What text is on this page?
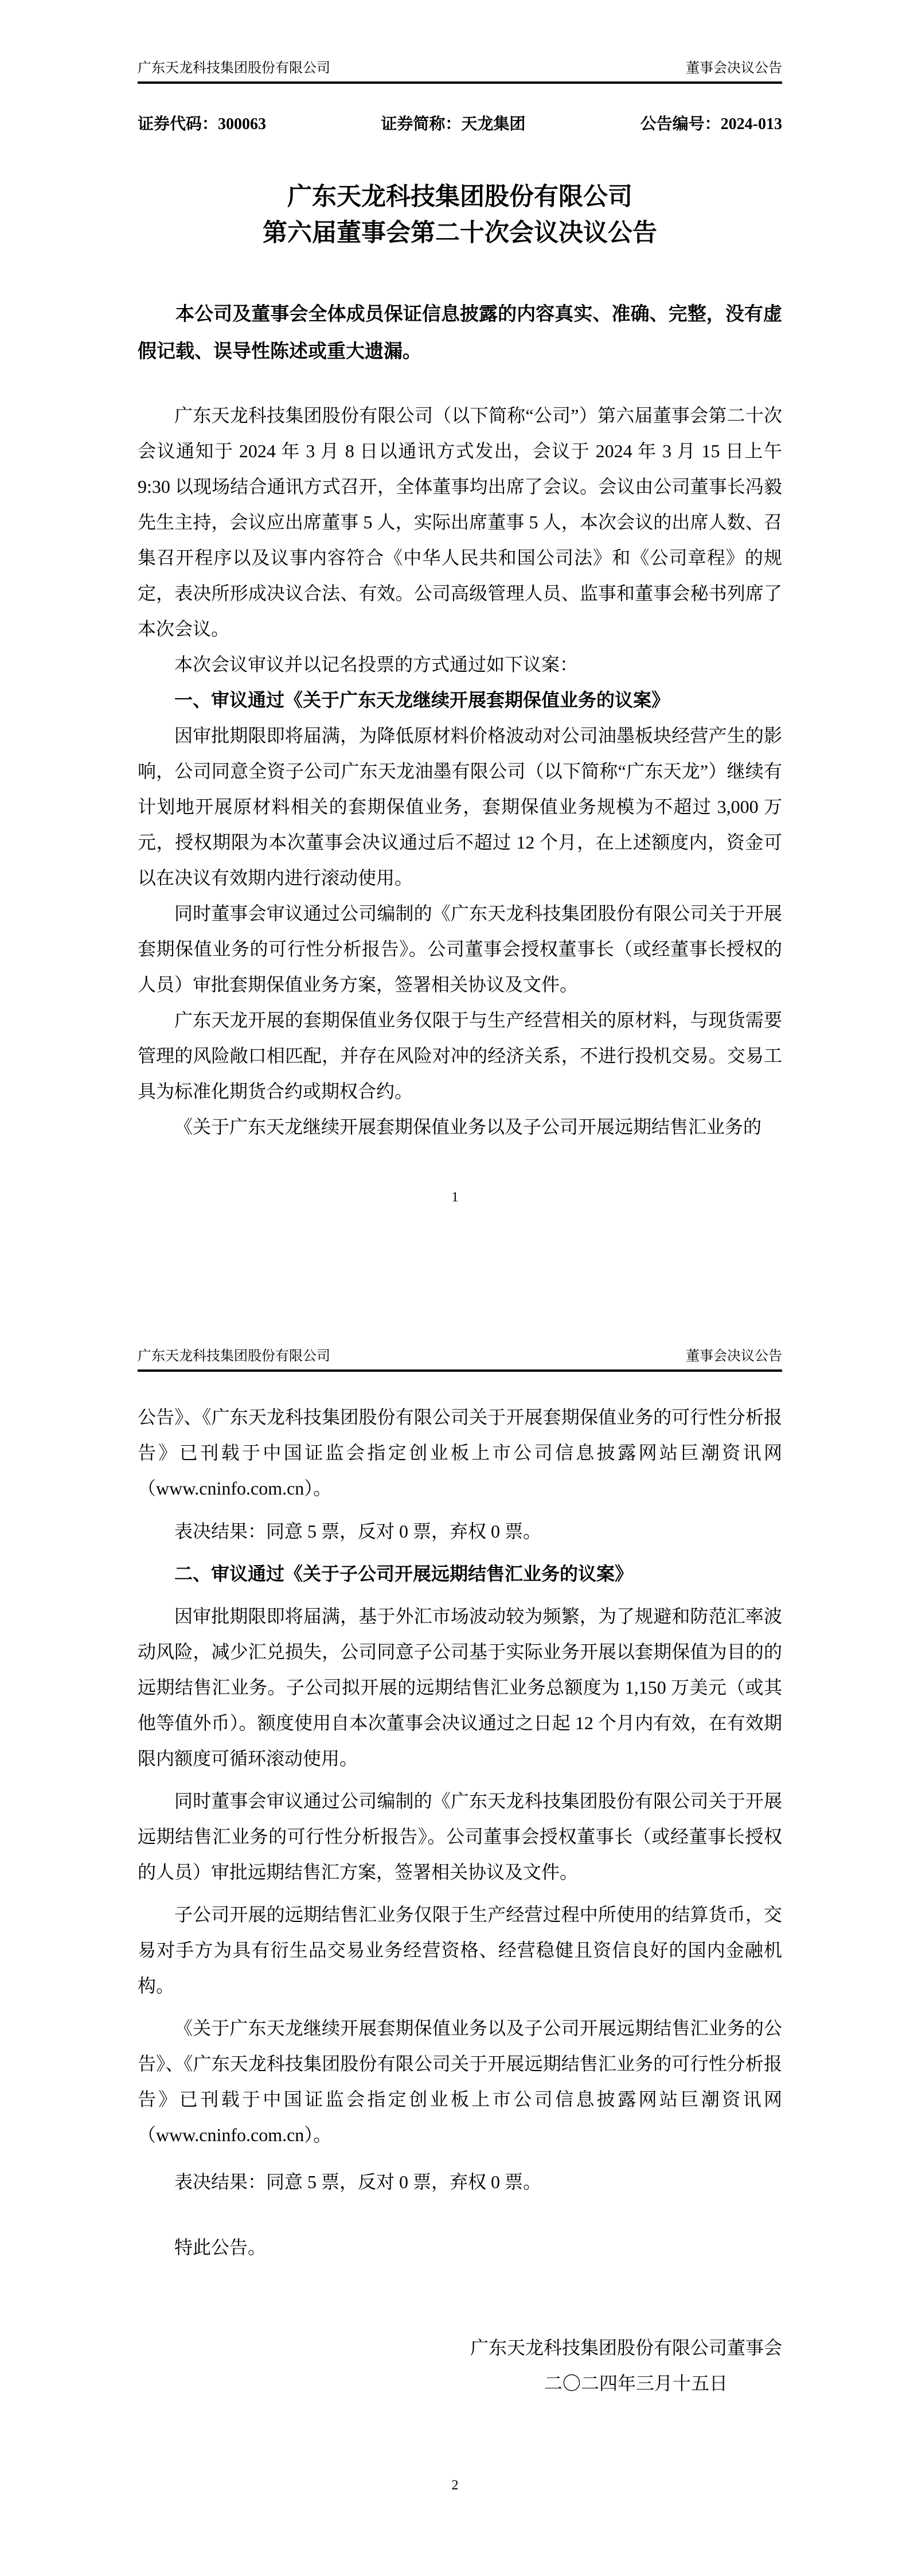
广东天龙科技集团股份有限公司	董事会决议公告
证券代码：300063	证券简称：天龙集团	公告编号：2024-013
广东天龙科技集团股份有限公司
第六届董事会第二十次会议决议公告

本公司及董事会全体成员保证信息披露的内容真实、准确、完整，没有虚假记载、误导性陈述或重大遗漏。

广东天龙科技集团股份有限公司（以下简称“公司”）第六届董事会第二十次会议通知于 2024 年 3 月 8 日以通讯方式发出，会议于 2024 年 3 月 15 日上午 9:30 以现场结合通讯方式召开，全体董事均出席了会议。会议由公司董事长冯毅先生主持，会议应出席董事 5 人，实际出席董事 5 人，本次会议的出席人数、召集召开程序以及议事内容符合《中华人民共和国公司法》和《公司章程》的规定，表决所形成决议合法、有效。公司高级管理人员、监事和董事会秘书列席了本次会议。

本次会议审议并以记名投票的方式通过如下议案：

一、审议通过《关于广东天龙继续开展套期保值业务的议案》

因审批期限即将届满，为降低原材料价格波动对公司油墨板块经营产生的影响，公司同意全资子公司广东天龙油墨有限公司（以下简称“广东天龙”）继续有计划地开展原材料相关的套期保值业务，套期保值业务规模为不超过 3,000 万元，授权期限为本次董事会决议通过后不超过 12 个月，在上述额度内，资金可以在决议有效期内进行滚动使用。

同时董事会审议通过公司编制的《广东天龙科技集团股份有限公司关于开展套期保值业务的可行性分析报告》。公司董事会授权董事长（或经董事长授权的人员）审批套期保值业务方案，签署相关协议及文件。

广东天龙开展的套期保值业务仅限于与生产经营相关的原材料，与现货需要管理的风险敞口相匹配，并存在风险对冲的经济关系，不进行投机交易。交易工具为标准化期货合约或期权合约。

《关于广东天龙继续开展套期保值业务以及子公司开展远期结售汇业务的

1
广东天龙科技集团股份有限公司	董事会决议公告

公告》、《广东天龙科技集团股份有限公司关于开展套期保值业务的可行性分析报告》已刊载于中国证监会指定创业板上市公司信息披露网站巨潮资讯网（www.cninfo.com.cn）。

表决结果：同意 5 票，反对 0 票，弃权 0 票。

二、审议通过《关于子公司开展远期结售汇业务的议案》

因审批期限即将届满，基于外汇市场波动较为频繁，为了规避和防范汇率波动风险，减少汇兑损失，公司同意子公司基于实际业务开展以套期保值为目的的远期结售汇业务。子公司拟开展的远期结售汇业务总额度为 1,150 万美元（或其他等值外币）。额度使用自本次董事会决议通过之日起 12 个月内有效，在有效期限内额度可循环滚动使用。

同时董事会审议通过公司编制的《广东天龙科技集团股份有限公司关于开展远期结售汇业务的可行性分析报告》。公司董事会授权董事长（或经董事长授权的人员）审批远期结售汇方案，签署相关协议及文件。

子公司开展的远期结售汇业务仅限于生产经营过程中所使用的结算货币，交易对手方为具有衍生品交易业务经营资格、经营稳健且资信良好的国内金融机构。

《关于广东天龙继续开展套期保值业务以及子公司开展远期结售汇业务的公告》、《广东天龙科技集团股份有限公司关于开展远期结售汇业务的可行性分析报告》已刊载于中国证监会指定创业板上市公司信息披露网站巨潮资讯网（www.cninfo.com.cn）。

表决结果：同意 5 票，反对 0 票，弃权 0 票。

特此公告。

广东天龙科技集团股份有限公司董事会

二〇二四年三月十五日

2
